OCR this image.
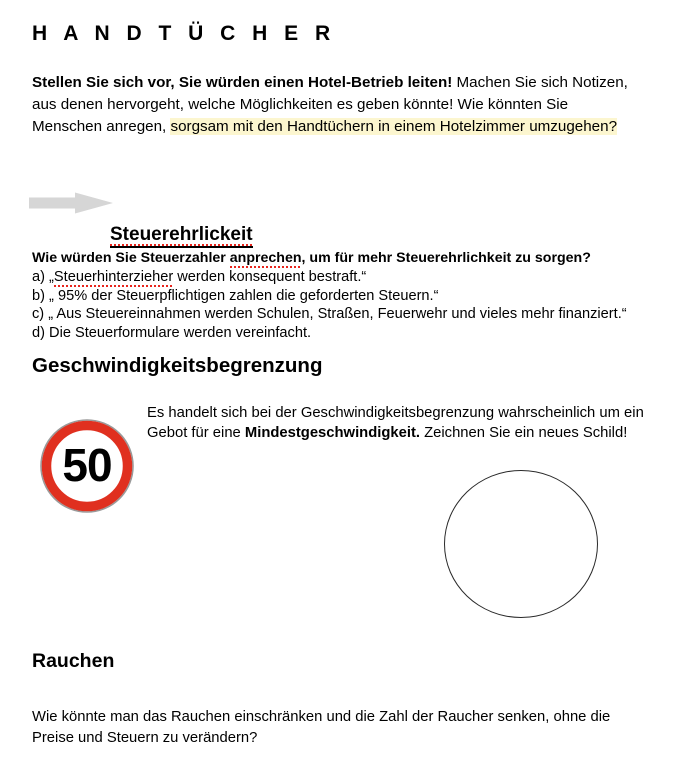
H A N D T Ü C H E R
Stellen Sie sich vor, Sie würden einen Hotel-Betrieb leiten! Machen Sie sich Notizen, aus denen hervorgeht, welche Möglichkeiten es geben könnte! Wie könnten Sie Menschen anregen, sorgsam mit den Handtüchern in einem Hotelzimmer umzugehen?
Steuerehrlickeit
Wie würden Sie Steuerzahler anprechen, um für mehr Steuerehrlichkeit zu sorgen?
a) „Steuerhinterzieher werden konsequent bestraft.“
b) „ 95% der Steuerpflichtigen zahlen die geforderten Steuern.“
c) „ Aus Steuereinnahmen werden Schulen, Straßen, Feuerwehr und vieles mehr finanziert.“
d) Die Steuerformulare werden vereinfacht.
Geschwindigkeitsbegrenzung
50
Es handelt sich bei der Geschwindigkeitsbegrenzung wahrscheinlich um ein Gebot für eine Mindestgeschwindigkeit. Zeichnen Sie ein neues Schild!
Rauchen
Wie könnte man das Rauchen einschränken und die Zahl der Raucher senken, ohne die Preise und Steuern zu verändern?
